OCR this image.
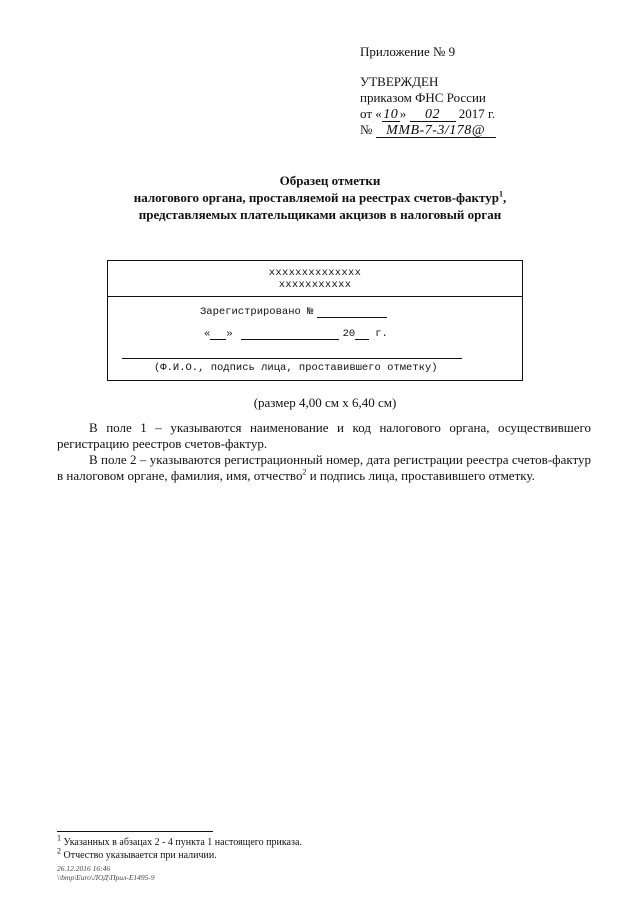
Приложение № 9
УТВЕРЖДЕН
приказом ФНС России
от « 10 » 02 2017 г.
№ ММВ-7-3/178@
Образец отметки
налогового органа, проставляемой на реестрах счетов-фактур$^1$,
представляемых плательщиками акцизов в налоговый орган
хххххххххххххх
ххххххххххх
Зарегистрировано №
« »	20 г.
(Ф.И.О., подпись лица, проставившего отметку)
(размер 4,00 см х 6,40 см)

В поле 1 – указываются наименование и код налогового органа, осуществившего регистрацию реестров счетов-фактур.

В поле 2 – указываются регистрационный номер, дата регистрации реестра счетов-фактур в налоговом органе, фамилия, имя, отчество$^2$ и подпись лица, проставившего отметку.

$^1$ Указанных в абзацах 2 - 4 пункта 1 настоящего приказа.
$^2$ Отчество указывается при наличии.
26.12.2016 16:46
\\bmp\Euro\ЛОД\Прил-Е1495-9
